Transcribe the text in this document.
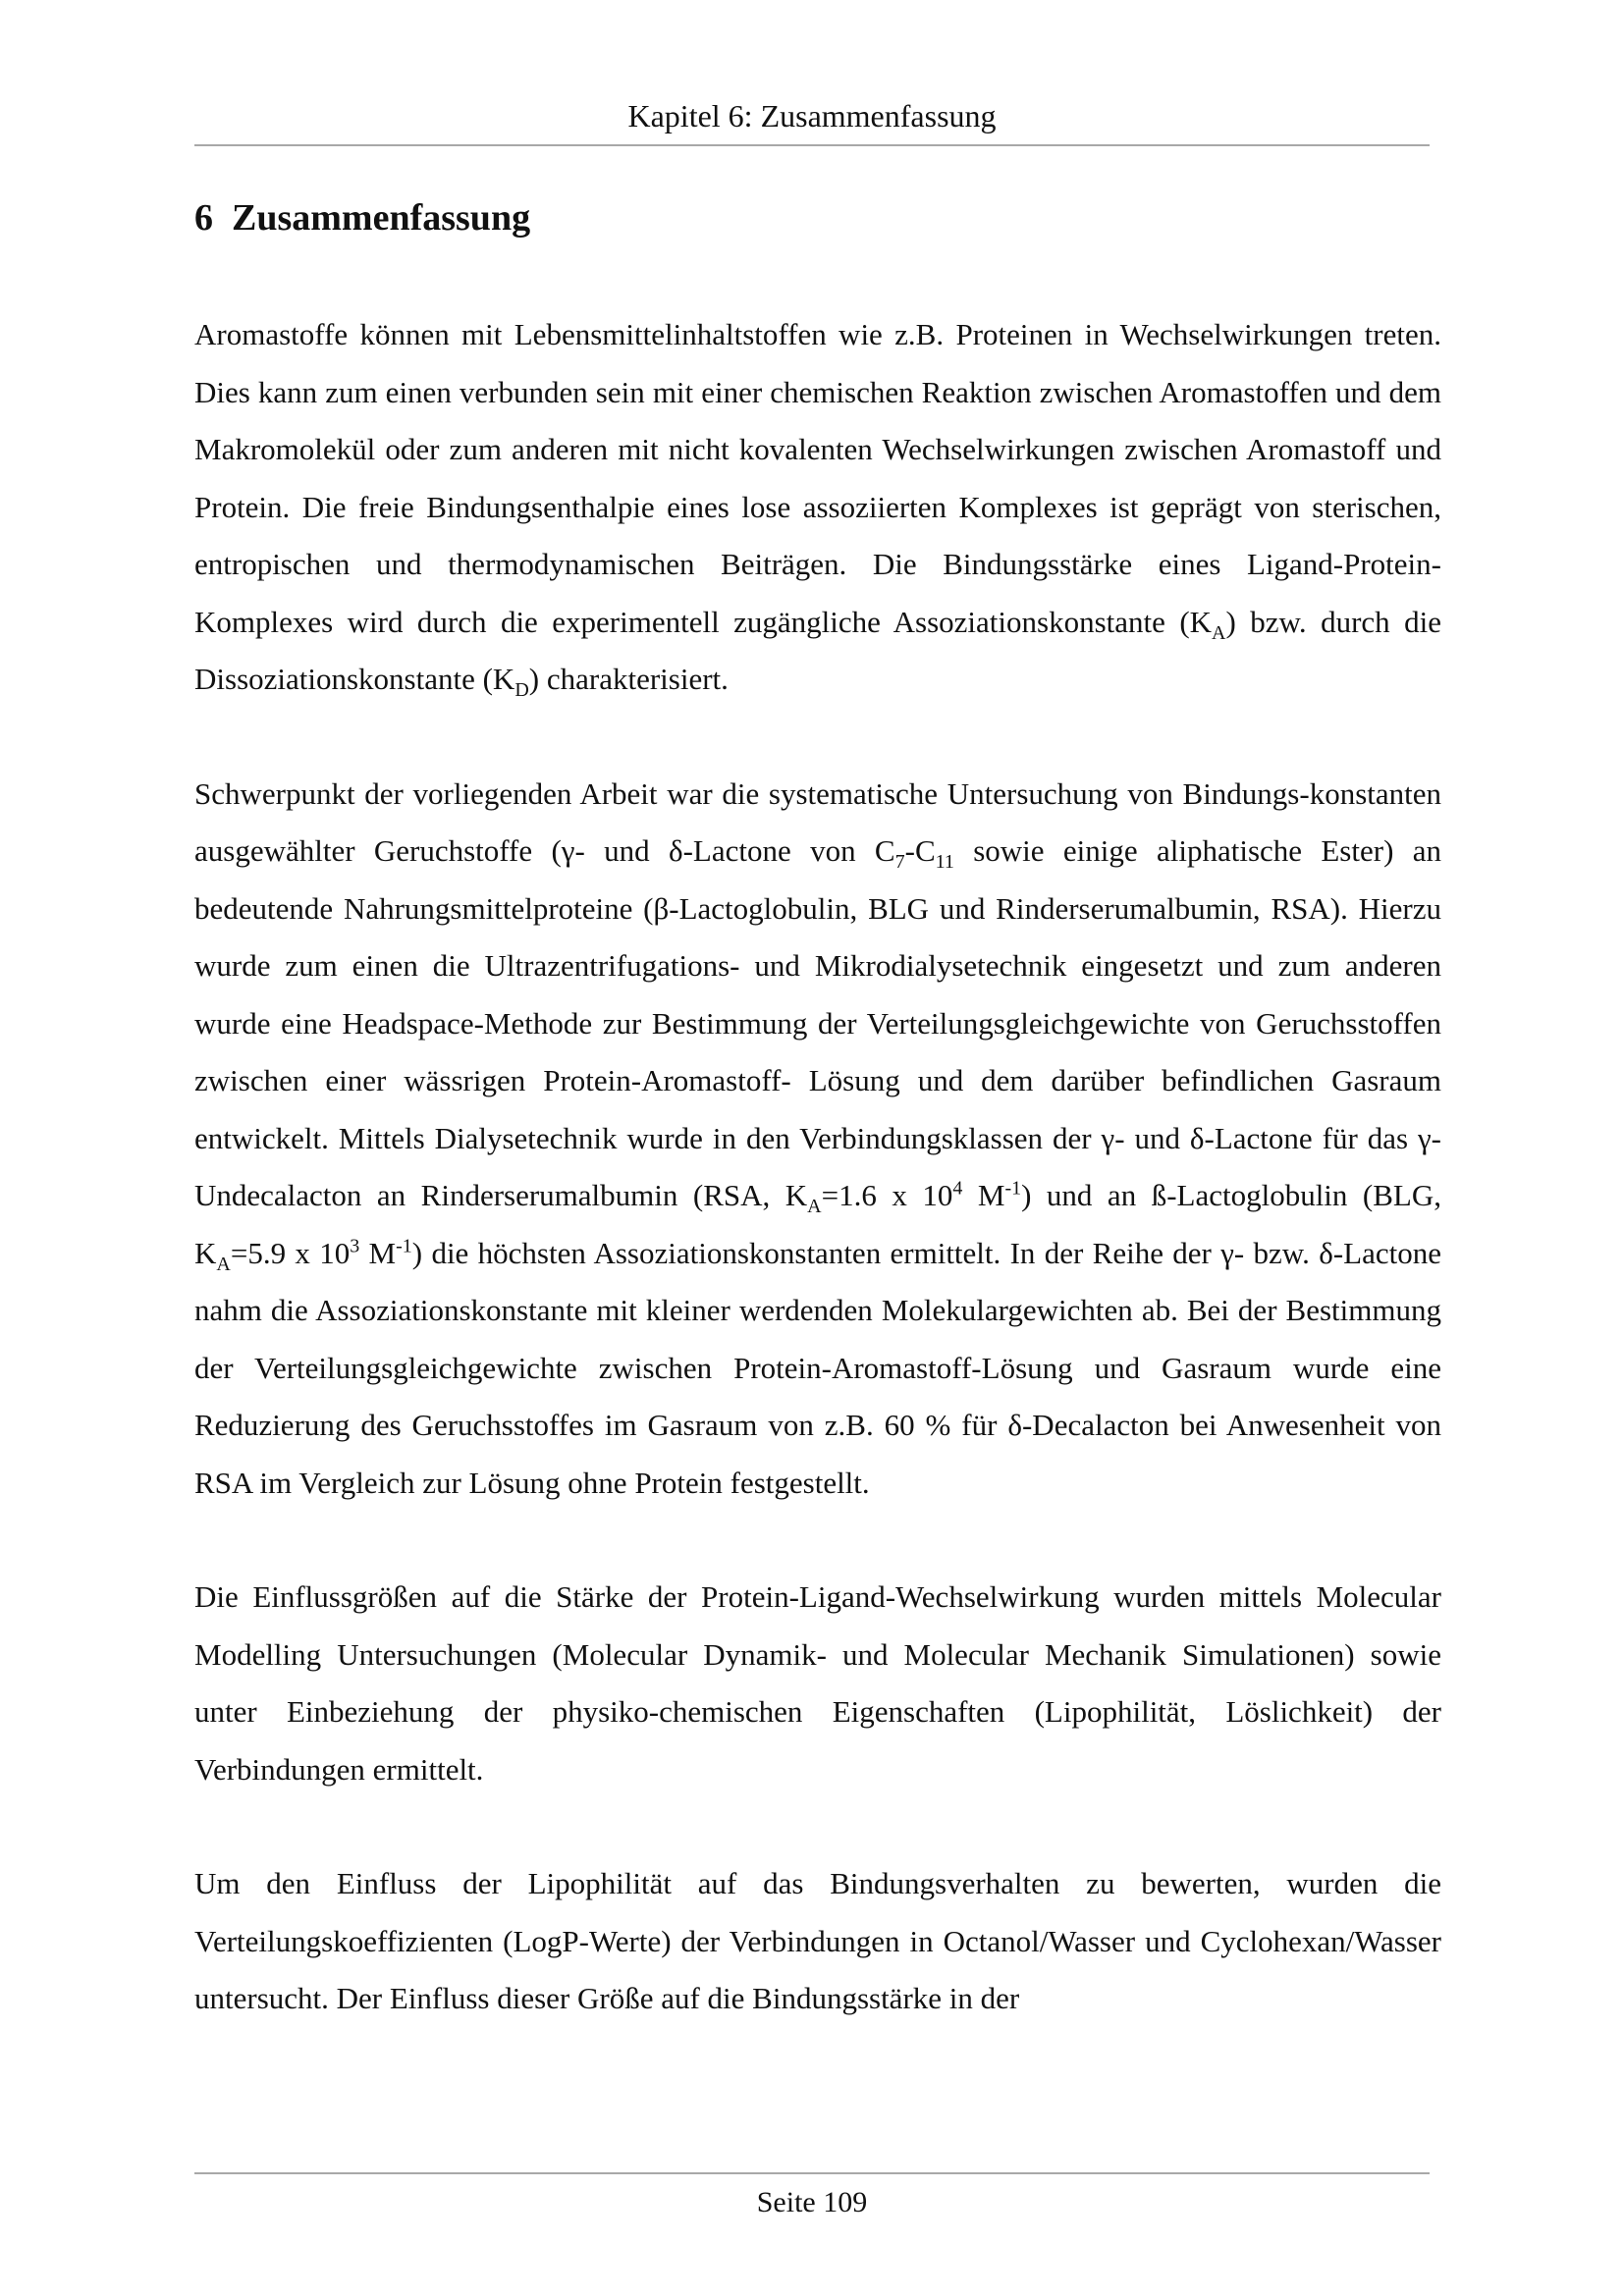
Kapitel 6: Zusammenfassung
6 Zusammenfassung

Aromastoffe können mit Lebensmittelinhaltstoffen wie z.B. Proteinen in Wechselwirkungen treten. Dies kann zum einen verbunden sein mit einer chemischen Reaktion zwischen Aromastoffen und dem Makromolekül oder zum anderen mit nicht kovalenten Wechselwirkungen zwischen Aromastoff und Protein. Die freie Bindungsenthalpie eines lose assoziierten Komplexes ist geprägt von sterischen, entropischen und thermodynamischen Beiträgen. Die Bindungsstärke eines Ligand-Protein-Komplexes wird durch die experimentell zugängliche Assoziationskonstante $(K_A)$ bzw. durch die Dissoziationskonstante $(K_D)$ charakterisiert.

Schwerpunkt der vorliegenden Arbeit war die systematische Untersuchung von Bindungs-konstanten ausgewählter Geruchstoffe (γ- und δ-Lactone von $C_7-C_{11}$ sowie einige aliphatische Ester) an bedeutende Nahrungsmittelproteine (β-Lactoglobulin, BLG und Rinderserumalbumin, RSA). Hierzu wurde zum einen die Ultrazentrifugations- und Mikrodialysetechnik eingesetzt und zum anderen wurde eine Headspace-Methode zur Bestimmung der Verteilungsgleichgewichte von Geruchsstoffen zwischen einer wässrigen Protein-Aromastoff- Lösung und dem darüber befindlichen Gasraum entwickelt. Mittels Dialysetechnik wurde in den Verbindungsklassen der γ- und δ-Lactone für das γ-Undecalacton an Rinderserumalbumin (RSA, $K_A=1.6$ x $10^4$ $M^{-1}$) und an ß-Lactoglobulin (BLG, $K_A=5.9$ x $10^3$ $M^{-1}$) die höchsten Assoziationskonstanten ermittelt. In der Reihe der γ- bzw. δ-Lactone nahm die Assoziationskonstante mit kleiner werdenden Molekulargewichten ab. Bei der Bestimmung der Verteilungsgleichgewichte zwischen Protein-Aromastoff-Lösung und Gasraum wurde eine Reduzierung des Geruchsstoffes im Gasraum von z.B. 60 % für δ-Decalacton bei Anwesenheit von RSA im Vergleich zur Lösung ohne Protein festgestellt.

Die Einflussgrößen auf die Stärke der Protein-Ligand-Wechselwirkung wurden mittels Molecular Modelling Untersuchungen (Molecular Dynamik- und Molecular Mechanik Simulationen) sowie unter Einbeziehung der physiko-chemischen Eigenschaften (Lipophilität, Löslichkeit) der Verbindungen ermittelt.

Um den Einfluss der Lipophilität auf das Bindungsverhalten zu bewerten, wurden die Verteilungskoeffizienten (LogP-Werte) der Verbindungen in Octanol/Wasser und Cyclohexan/Wasser untersucht. Der Einfluss dieser Größe auf die Bindungsstärke in der

Seite 109
